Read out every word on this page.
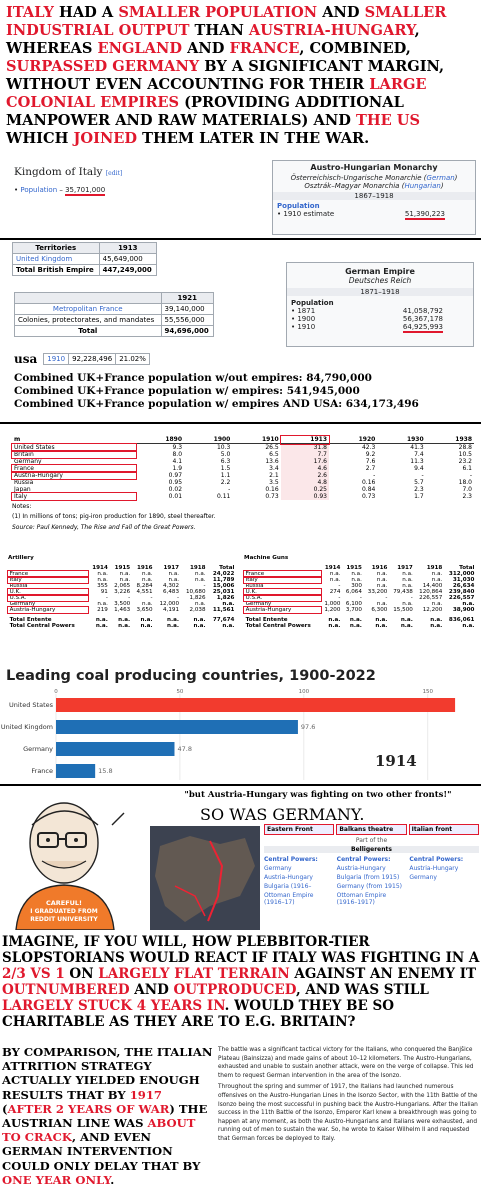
ITALY HAD A SMALLER POPULATION AND SMALLER INDUSTRIAL OUTPUT THAN AUSTRIA-HUNGARY, WHEREAS ENGLAND AND FRANCE, COMBINED, SURPASSED GERMANY BY A SIGNIFICANT MARGIN, WITHOUT EVEN ACCOUNTING FOR THEIR LARGE COLONIAL EMPIRES (PROVIDING ADDITIONAL MANPOWER AND RAW MATERIALS) AND THE US WHICH JOINED THEM LATER IN THE WAR.
Kingdom of Italy [edit]
• Population – 35,701,000
Austro-Hungarian Monarchy
Österreichisch-Ungarische Monarchie (German)
Osztrák–Magyar Monarchia (Hungarian)
1867–1918
Population
• 1910 estimate	51,390,223
Territories	1913
United Kingdom	45,649,000
Total British Empire	447,249,000
	1921
Metropolitan France	39,140,000
Colonies, protectorates, and mandates	55,556,000
Total	94,696,000
German Empire
Deutsches Reich
1871–1918
Population
• 1871	41,058,792
• 1900	56,367,178
• 1910	64,925,993
usa 1910	92,228,496	21.02%
Combined UK+France population w/out empires: 84,790,000
Combined UK+France population w/ empires: 541,945,000
Combined UK+France population w/ empires AND USA: 634,173,496
m	1890	1900	1910	1913	1920	1930	1938
United States	9.3	10.3	26.5	31.8	42.3	41.3	28.8
Britain	8.0	5.0	6.5	7.7	9.2	7.4	10.5
Germany	4.1	6.3	13.6	17.6	7.6	11.3	23.2
France	1.9	1.5	3.4	4.6	2.7	9.4	6.1
Austria-Hungary	0.97	1.1	2.1	2.6	-	-	-
Russia	0.95	2.2	3.5	4.8	0.16	5.7	18.0
Japan	0.02	-	0.16	0.25	0.84	2.3	7.0
Italy	0.01	0.11	0.73	0.93	0.73	1.7	2.3
Notes:
(1) In millions of tons; pig-iron production for 1890, steel thereafter.
Source: Paul Kennedy, The Rise and Fall of the Great Powers.
Artillery
	1914	1915	1916	1917	1918	Total
France	n.a.	n.a.	n.a.	n.a.	n.a.	24,022
Italy	n.a.	n.a.	n.a.	n.a.	n.a.	11,789
Russia	355	2,065	8,284	4,302	-	15,006
U.K.	91	3,226	4,551	6,483	10,680	25,031
U.S.A.	-	-	-	-	1,826	1,826
Germany	n.a.	3,500	n.a.	12,000	n.a.	n.a.
Austria-Hungary	219	1,463	3,650	4,191	2,038	11,561
Total Entente	n.a.	n.a.	n.a.	n.a.	n.a.	77,674
Total Central Powers	n.a.	n.a.	n.a.	n.a.	n.a.	n.a.
Machine Guns
	1914	1915	1916	1917	1918	Total
France	n.a.	n.a.	n.a.	n.a.	n.a.	312,000
Italy	n.a.	n.a.	n.a.	n.a.	n.a.	31,030
Russia	-	300	n.a.	n.a.	14,400	26,634
U.K.	274	6,064	33,200	79,438	120,864	239,840
U.S.A.	-	-	-	-	226,557	226,557
Germany	1,000	6,100	n.a.	n.a.	n.a.	n.a.
Austria-Hungary	1,200	3,700	6,300	15,500	12,200	38,900
Total Entente	n.a.	n.a.	n.a.	n.a.	n.a.	836,061
Total Central Powers	n.a.	n.a.	n.a.	n.a.	n.a.	n.a.
Leading coal producing countries, 1900-2022
0	50	100	150
United States
United Kingdom	97.6
Germany	47.8
France	15.8
1914
CAREFUL!
I GRADUATED FROM
REDDIT UNIVERSITY
"but Austria-Hungary was fighting on two other fronts!"
SO WAS GERMANY.
Eastern Front	Balkans theatre	Italian front
Part of the
Belligerents
Central Powers:
Germany
Austria-Hungary
Bulgaria (1916–
Ottoman Empire (1916–17)
Central Powers:
Austria-Hungary
Bulgaria (from 1915)
Germany (from 1915)
Ottoman Empire (1916–1917)
Central Powers:
Austria-Hungary
Germany
IMAGINE, IF YOU WILL, HOW PLEBBITOR-TIER SLOPSTORIANS WOULD REACT IF ITALY WAS FIGHTING IN A 2/3 VS 1 ON LARGELY FLAT TERRAIN AGAINST AN ENEMY IT OUTNUMBERED AND OUTPRODUCED, AND WAS STILL LARGELY STUCK 4 YEARS IN. WOULD THEY BE SO CHARITABLE AS THEY ARE TO E.G. BRITAIN?
BY COMPARISON, THE ITALIAN ATTRITION STRATEGY ACTUALLY YIELDED ENOUGH RESULTS THAT BY 1917 (AFTER 2 YEARS OF WAR) THE AUSTRIAN LINE WAS ABOUT TO CRACK, AND EVEN GERMAN INTERVENTION COULD ONLY DELAY THAT BY ONE YEAR ONLY.

The battle was a significant tactical victory for the Italians, who conquered the Banjšice Plateau (Bainsizza) and made gains of about 10–12 kilometers. The Austro-Hungarians, exhausted and unable to sustain another attack, were on the verge of collapse. This led them to request German intervention in the area of the Isonzo.

Throughout the spring and summer of 1917, the Italians had launched numerous offensives on the Austro-Hungarian Lines in the Isonzo Sector, with the 11th Battle of the Isonzo being the most successful in pushing back the Austro-Hungarians. After the Italian success in the 11th Battle of the Isonzo, Emperor Karl knew a breakthrough was going to happen at any moment, as both the Austro-Hungarians and Italians were exhausted, and running out of men to sustain the war. So, he wrote to Kaiser Wilhelm II and requested that German forces be deployed to Italy.
